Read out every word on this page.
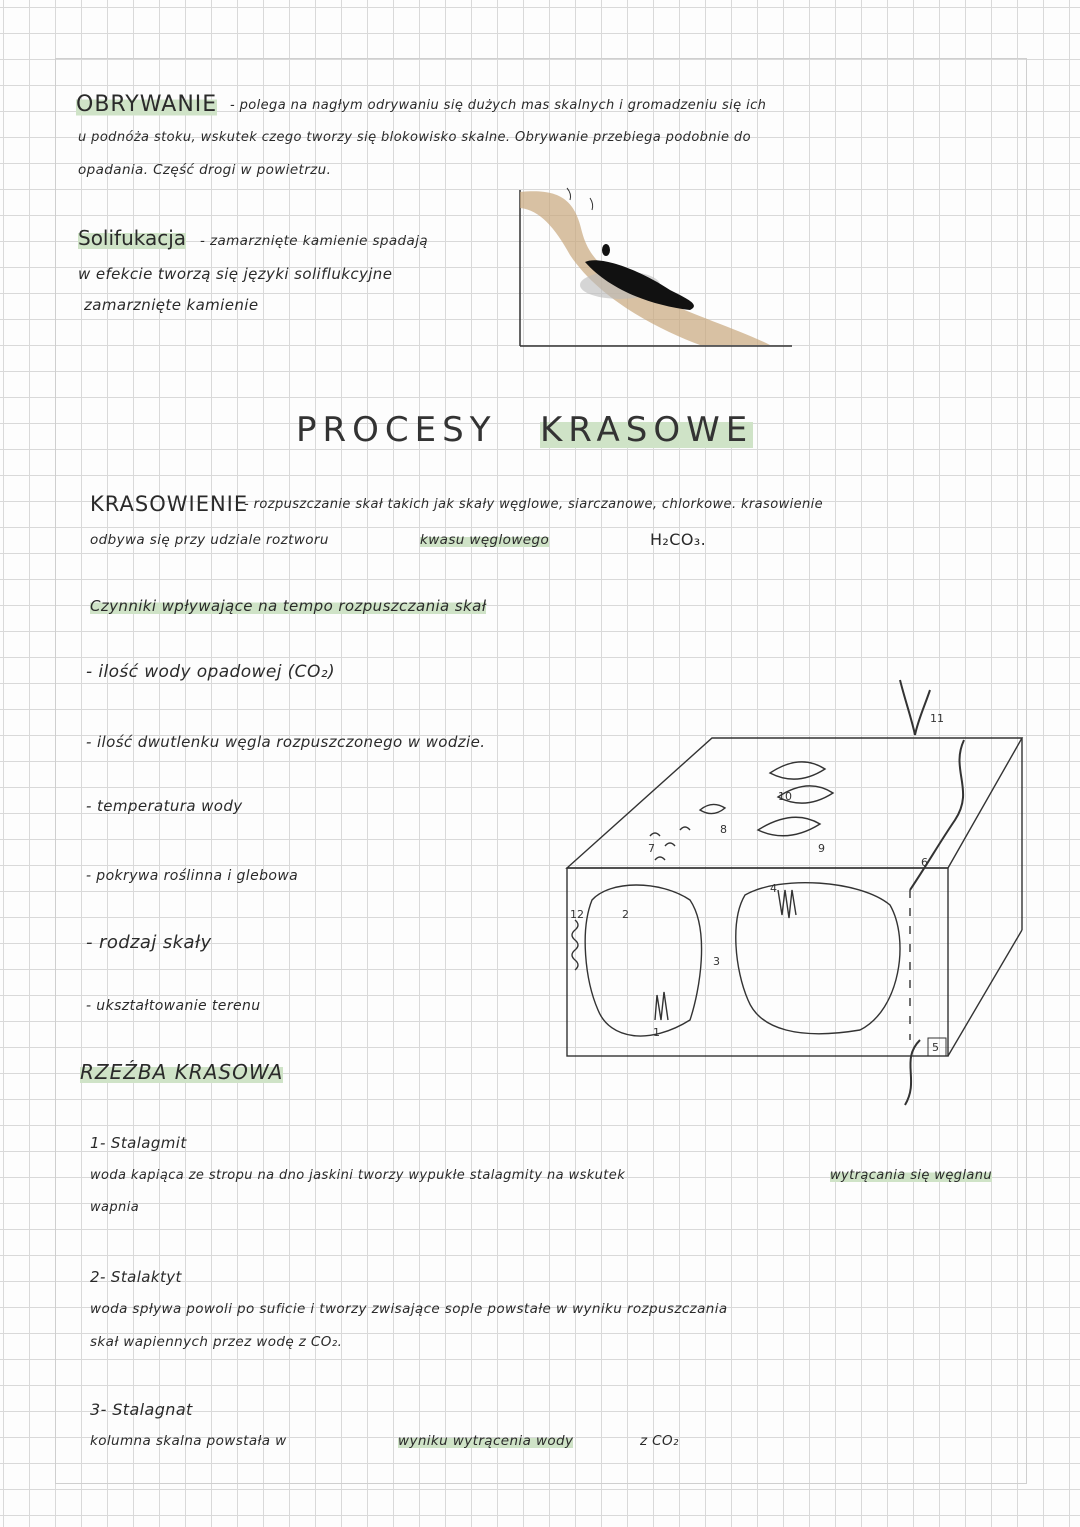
OBRYWANIE - polega na nagłym odrywaniu się dużych mas skalnych i gromadzeniu się ich
u podnóża stoku, wskutek czego tworzy się blokowisko skalne. Obrywanie przebiega podobnie do
opadania. Część drogi w powietrzu.
Solifukacja - zamarznięte kamienie spadają
w efekcie tworzą się języki soliflukcyjne
zamarznięte kamienie
PROCESY KRASOWE
KRASOWIENIE
- rozpuszczanie skał takich jak skały węglowe, siarczanowe, chlorkowe. krasowienie
odbywa się przy udziale roztworu	kwasu węglowego	H₂CO₃.
Czynniki wpływające na tempo rozpuszczania skał
- ilość wody opadowej (CO₂)
- ilość dwutlenku węgla rozpuszczonego w wodzie.
- temperatura wody
- pokrywa roślinna i glebowa
- rodzaj skały
- ukształtowanie terenu
RZEŹBA KRASOWA
1
2
3
4
5
6
7
8
9
10
11
12
1- Stalagmit
woda kapiąca ze stropu na dno jaskini tworzy wypukłe stalagmity na wskutek	wytrącania się węglanu
wapnia
2- Stalaktyt
woda spływa powoli po suficie i tworzy zwisające sople powstałe w wyniku rozpuszczania
skał wapiennych przez wodę z CO₂.
3- Stalagnat
kolumna skalna powstała w	wyniku wytrącenia wody	z CO₂
